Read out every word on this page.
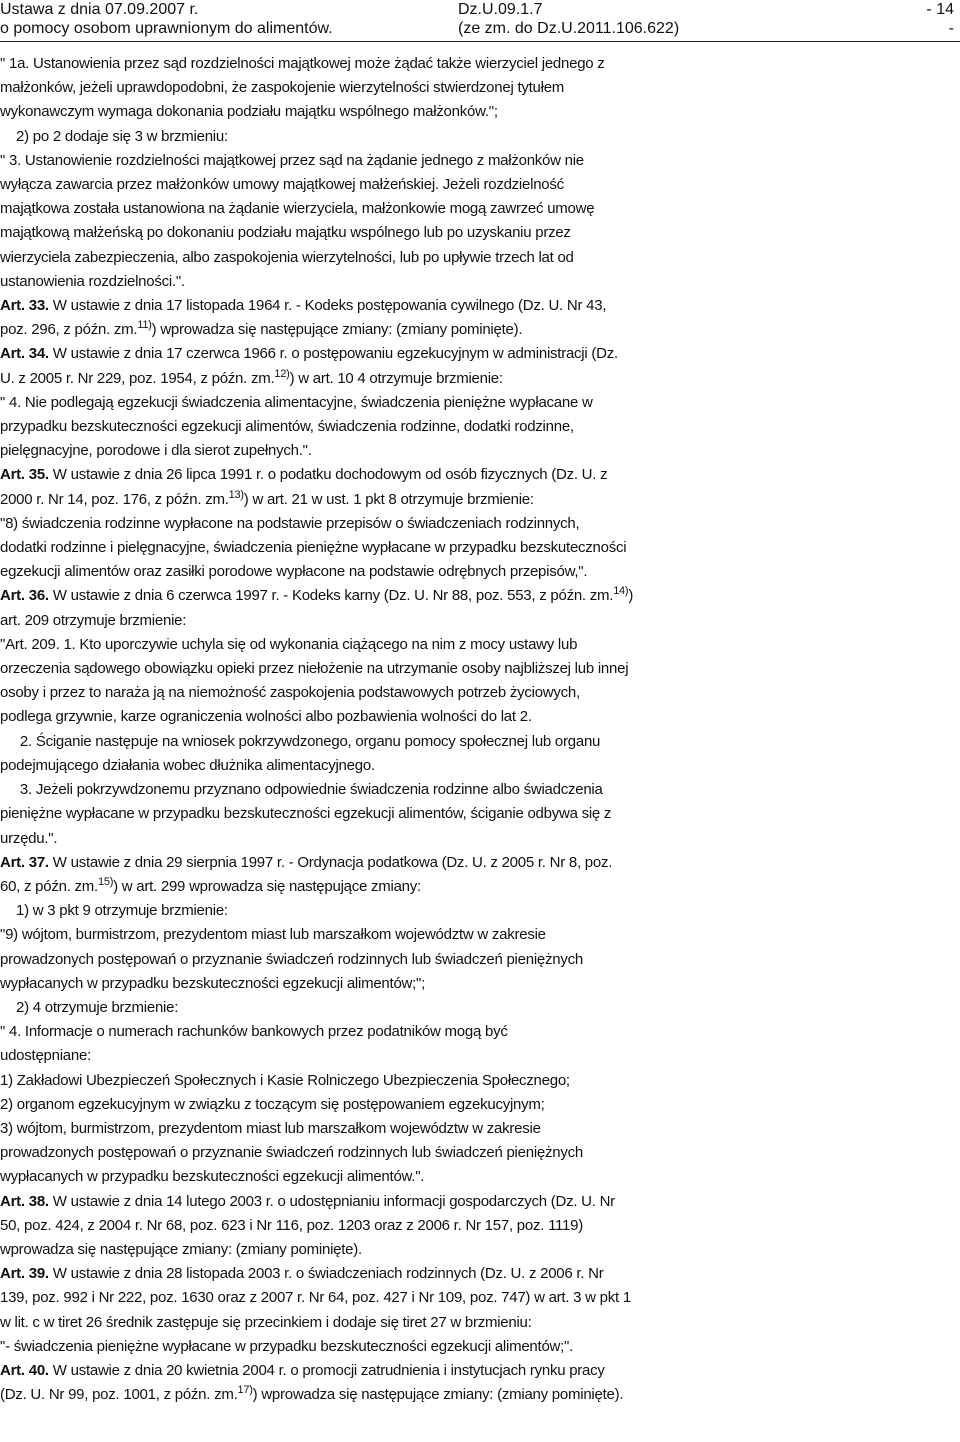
Ustawa z dnia 07.09.2007 r.
o pomocy osobom uprawnionym do alimentów.
Dz.U.09.1.7
(ze zm. do Dz.U.2011.106.622)
- 14
-

" 1a. Ustanowienia przez sąd rozdzielności majątkowej może żądać także wierzyciel jednego z

małżonków, jeżeli uprawdopodobni, że zaspokojenie wierzytelności stwierdzonej tytułem

wykonawczym wymaga dokonania podziału majątku wspólnego małżonków.";

2) po 2 dodaje się 3 w brzmieniu:

" 3. Ustanowienie rozdzielności majątkowej przez sąd na żądanie jednego z małżonków nie

wyłącza zawarcia przez małżonków umowy majątkowej małżeńskiej. Jeżeli rozdzielność

majątkowa została ustanowiona na żądanie wierzyciela, małżonkowie mogą zawrzeć umowę

majątkową małżeńską po dokonaniu podziału majątku wspólnego lub po uzyskaniu przez

wierzyciela zabezpieczenia, albo zaspokojenia wierzytelności, lub po upływie trzech lat od

ustanowienia rozdzielności.".

Art. 33. W ustawie z dnia 17 listopada 1964 r. - Kodeks postępowania cywilnego (Dz. U. Nr 43,

poz. 296, z późn. zm.$^{11)}$) wprowadza się następujące zmiany: (zmiany pominięte).

Art. 34. W ustawie z dnia 17 czerwca 1966 r. o postępowaniu egzekucyjnym w administracji (Dz.

U. z 2005 r. Nr 229, poz. 1954, z późn. zm.$^{12)}$) w art. 10 4 otrzymuje brzmienie:

" 4. Nie podlegają egzekucji świadczenia alimentacyjne, świadczenia pieniężne wypłacane w

przypadku bezskuteczności egzekucji alimentów, świadczenia rodzinne, dodatki rodzinne,

pielęgnacyjne, porodowe i dla sierot zupełnych.".

Art. 35. W ustawie z dnia 26 lipca 1991 r. o podatku dochodowym od osób fizycznych (Dz. U. z

2000 r. Nr 14, poz. 176, z późn. zm.$^{13)}$) w art. 21 w ust. 1 pkt 8 otrzymuje brzmienie:

"8) świadczenia rodzinne wypłacone na podstawie przepisów o świadczeniach rodzinnych,

dodatki rodzinne i pielęgnacyjne, świadczenia pieniężne wypłacane w przypadku bezskuteczności

egzekucji alimentów oraz zasiłki porodowe wypłacone na podstawie odrębnych przepisów,".

Art. 36. W ustawie z dnia 6 czerwca 1997 r. - Kodeks karny (Dz. U. Nr 88, poz. 553, z późn. zm.$^{14)}$)

art. 209 otrzymuje brzmienie:

"Art. 209. 1. Kto uporczywie uchyla się od wykonania ciążącego na nim z mocy ustawy lub

orzeczenia sądowego obowiązku opieki przez niełożenie na utrzymanie osoby najbliższej lub innej

osoby i przez to naraża ją na niemożność zaspokojenia podstawowych potrzeb życiowych,

podlega grzywnie, karze ograniczenia wolności albo pozbawienia wolności do lat 2.

2. Ściganie następuje na wniosek pokrzywdzonego, organu pomocy społecznej lub organu

podejmującego działania wobec dłużnika alimentacyjnego.

3. Jeżeli pokrzywdzonemu przyznano odpowiednie świadczenia rodzinne albo świadczenia

pieniężne wypłacane w przypadku bezskuteczności egzekucji alimentów, ściganie odbywa się z

urzędu.".

Art. 37. W ustawie z dnia 29 sierpnia 1997 r. - Ordynacja podatkowa (Dz. U. z 2005 r. Nr 8, poz.

60, z późn. zm.$^{15)}$) w art. 299 wprowadza się następujące zmiany:

1) w 3 pkt 9 otrzymuje brzmienie:

"9) wójtom, burmistrzom, prezydentom miast lub marszałkom województw w zakresie

prowadzonych postępowań o przyznanie świadczeń rodzinnych lub świadczeń pieniężnych

wypłacanych w przypadku bezskuteczności egzekucji alimentów;";

2) 4 otrzymuje brzmienie:

" 4. Informacje o numerach rachunków bankowych przez podatników mogą być

udostępniane:

1) Zakładowi Ubezpieczeń Społecznych i Kasie Rolniczego Ubezpieczenia Społecznego;

2) organom egzekucyjnym w związku z toczącym się postępowaniem egzekucyjnym;

3) wójtom, burmistrzom, prezydentom miast lub marszałkom województw w zakresie

prowadzonych postępowań o przyznanie świadczeń rodzinnych lub świadczeń pieniężnych

wypłacanych w przypadku bezskuteczności egzekucji alimentów.".

Art. 38. W ustawie z dnia 14 lutego 2003 r. o udostępnianiu informacji gospodarczych (Dz. U. Nr

50, poz. 424, z 2004 r. Nr 68, poz. 623 i Nr 116, poz. 1203 oraz z 2006 r. Nr 157, poz. 1119)

wprowadza się następujące zmiany: (zmiany pominięte).

Art. 39. W ustawie z dnia 28 listopada 2003 r. o świadczeniach rodzinnych (Dz. U. z 2006 r. Nr

139, poz. 992 i Nr 222, poz. 1630 oraz z 2007 r. Nr 64, poz. 427 i Nr 109, poz. 747) w art. 3 w pkt 1

w lit. c w tiret 26 średnik zastępuje się przecinkiem i dodaje się tiret 27 w brzmieniu:

"- świadczenia pieniężne wypłacane w przypadku bezskuteczności egzekucji alimentów;".

Art. 40. W ustawie z dnia 20 kwietnia 2004 r. o promocji zatrudnienia i instytucjach rynku pracy

(Dz. U. Nr 99, poz. 1001, z późn. zm.$^{17)}$) wprowadza się następujące zmiany: (zmiany pominięte).
